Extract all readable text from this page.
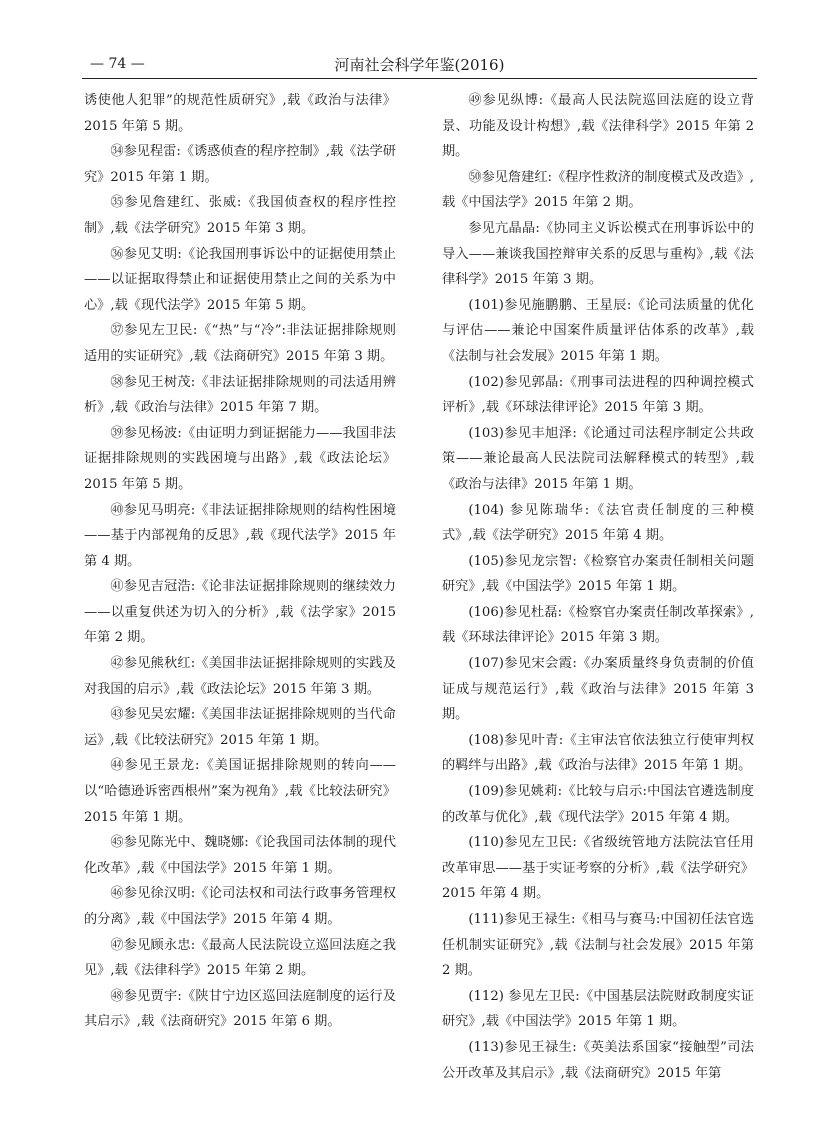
— 74 —	河南社会科学年鉴(2016)

诱使他人犯罪”的规范性质研究》,载《政治与法律》2015 年第 5 期。

㉞参见程雷:《诱惑侦查的程序控制》,载《法学研究》2015 年第 1 期。

㉟参见詹建红、张威:《我国侦查权的程序性控制》,载《法学研究》2015 年第 3 期。

㊱参见艾明:《论我国刑事诉讼中的证据使用禁止——以证据取得禁止和证据使用禁止之间的关系为中心》,载《现代法学》2015 年第 5 期。

㊲参见左卫民:《“热”与“冷”:非法证据排除规则适用的实证研究》,载《法商研究》2015 年第 3 期。

㊳参见王树茂:《非法证据排除规则的司法适用辨析》,载《政治与法律》2015 年第 7 期。

㊴参见杨波:《由证明力到证据能力——我国非法证据排除规则的实践困境与出路》,载《政法论坛》2015 年第 5 期。

㊵参见马明亮:《非法证据排除规则的结构性困境——基于内部视角的反思》,载《现代法学》2015 年第 4 期。

㊶参见吉冠浩:《论非法证据排除规则的继续效力——以重复供述为切入的分析》,载《法学家》2015 年第 2 期。

㊷参见熊秋红:《美国非法证据排除规则的实践及对我国的启示》,载《政法论坛》2015 年第 3 期。

㊸参见吴宏耀:《美国非法证据排除规则的当代命运》,载《比较法研究》2015 年第 1 期。

㊹参见王景龙:《美国证据排除规则的转向——以“哈德逊诉密西根州”案为视角》,载《比较法研究》2015 年第 1 期。

㊺参见陈光中、魏晓娜:《论我国司法体制的现代化改革》,载《中国法学》2015 年第 1 期。

㊻参见徐汉明:《论司法权和司法行政事务管理权的分离》,载《中国法学》2015 年第 4 期。

㊼参见顾永忠:《最高人民法院设立巡回法庭之我见》,载《法律科学》2015 年第 2 期。

㊽参见贾宇:《陕甘宁边区巡回法庭制度的运行及其启示》,载《法商研究》2015 年第 6 期。

㊾参见纵博:《最高人民法院巡回法庭的设立背景、功能及设计构想》,载《法律科学》2015 年第 2 期。

㊿参见詹建红:《程序性救济的制度模式及改造》,载《中国法学》2015 年第 2 期。

参见亢晶晶:《协同主义诉讼模式在刑事诉讼中的导入——兼谈我国控辩审关系的反思与重构》,载《法律科学》2015 年第 3 期。

(101)参见施鹏鹏、王星辰:《论司法质量的优化与评估——兼论中国案件质量评估体系的改革》,载《法制与社会发展》2015 年第 1 期。

(102)参见郭晶:《刑事司法进程的四种调控模式评析》,载《环球法律评论》2015 年第 3 期。

(103)参见丰旭泽:《论通过司法程序制定公共政策——兼论最高人民法院司法解释模式的转型》,载《政治与法律》2015 年第 1 期。

(104) 参见陈瑞华:《法官责任制度的三种模式》,载《法学研究》2015 年第 4 期。

(105)参见龙宗智:《检察官办案责任制相关问题研究》,载《中国法学》2015 年第 1 期。

(106)参见杜磊:《检察官办案责任制改革探索》,载《环球法律评论》2015 年第 3 期。

(107)参见宋会霞:《办案质量终身负责制的价值证成与规范运行》,载《政治与法律》2015 年第 3 期。

(108)参见叶青:《主审法官依法独立行使审判权的羁绊与出路》,载《政治与法律》2015 年第 1 期。

(109)参见姚莉:《比较与启示:中国法官遴选制度的改革与优化》,载《现代法学》2015 年第 4 期。

(110)参见左卫民:《省级统管地方法院法官任用改革审思——基于实证考察的分析》,载《法学研究》2015 年第 4 期。

(111)参见王禄生:《相马与赛马:中国初任法官选任机制实证研究》,载《法制与社会发展》2015 年第 2 期。

(112) 参见左卫民:《中国基层法院财政制度实证研究》,载《中国法学》2015 年第 1 期。

(113)参见王禄生:《英美法系国家“接触型”司法公开改革及其启示》,载《法商研究》2015 年第
